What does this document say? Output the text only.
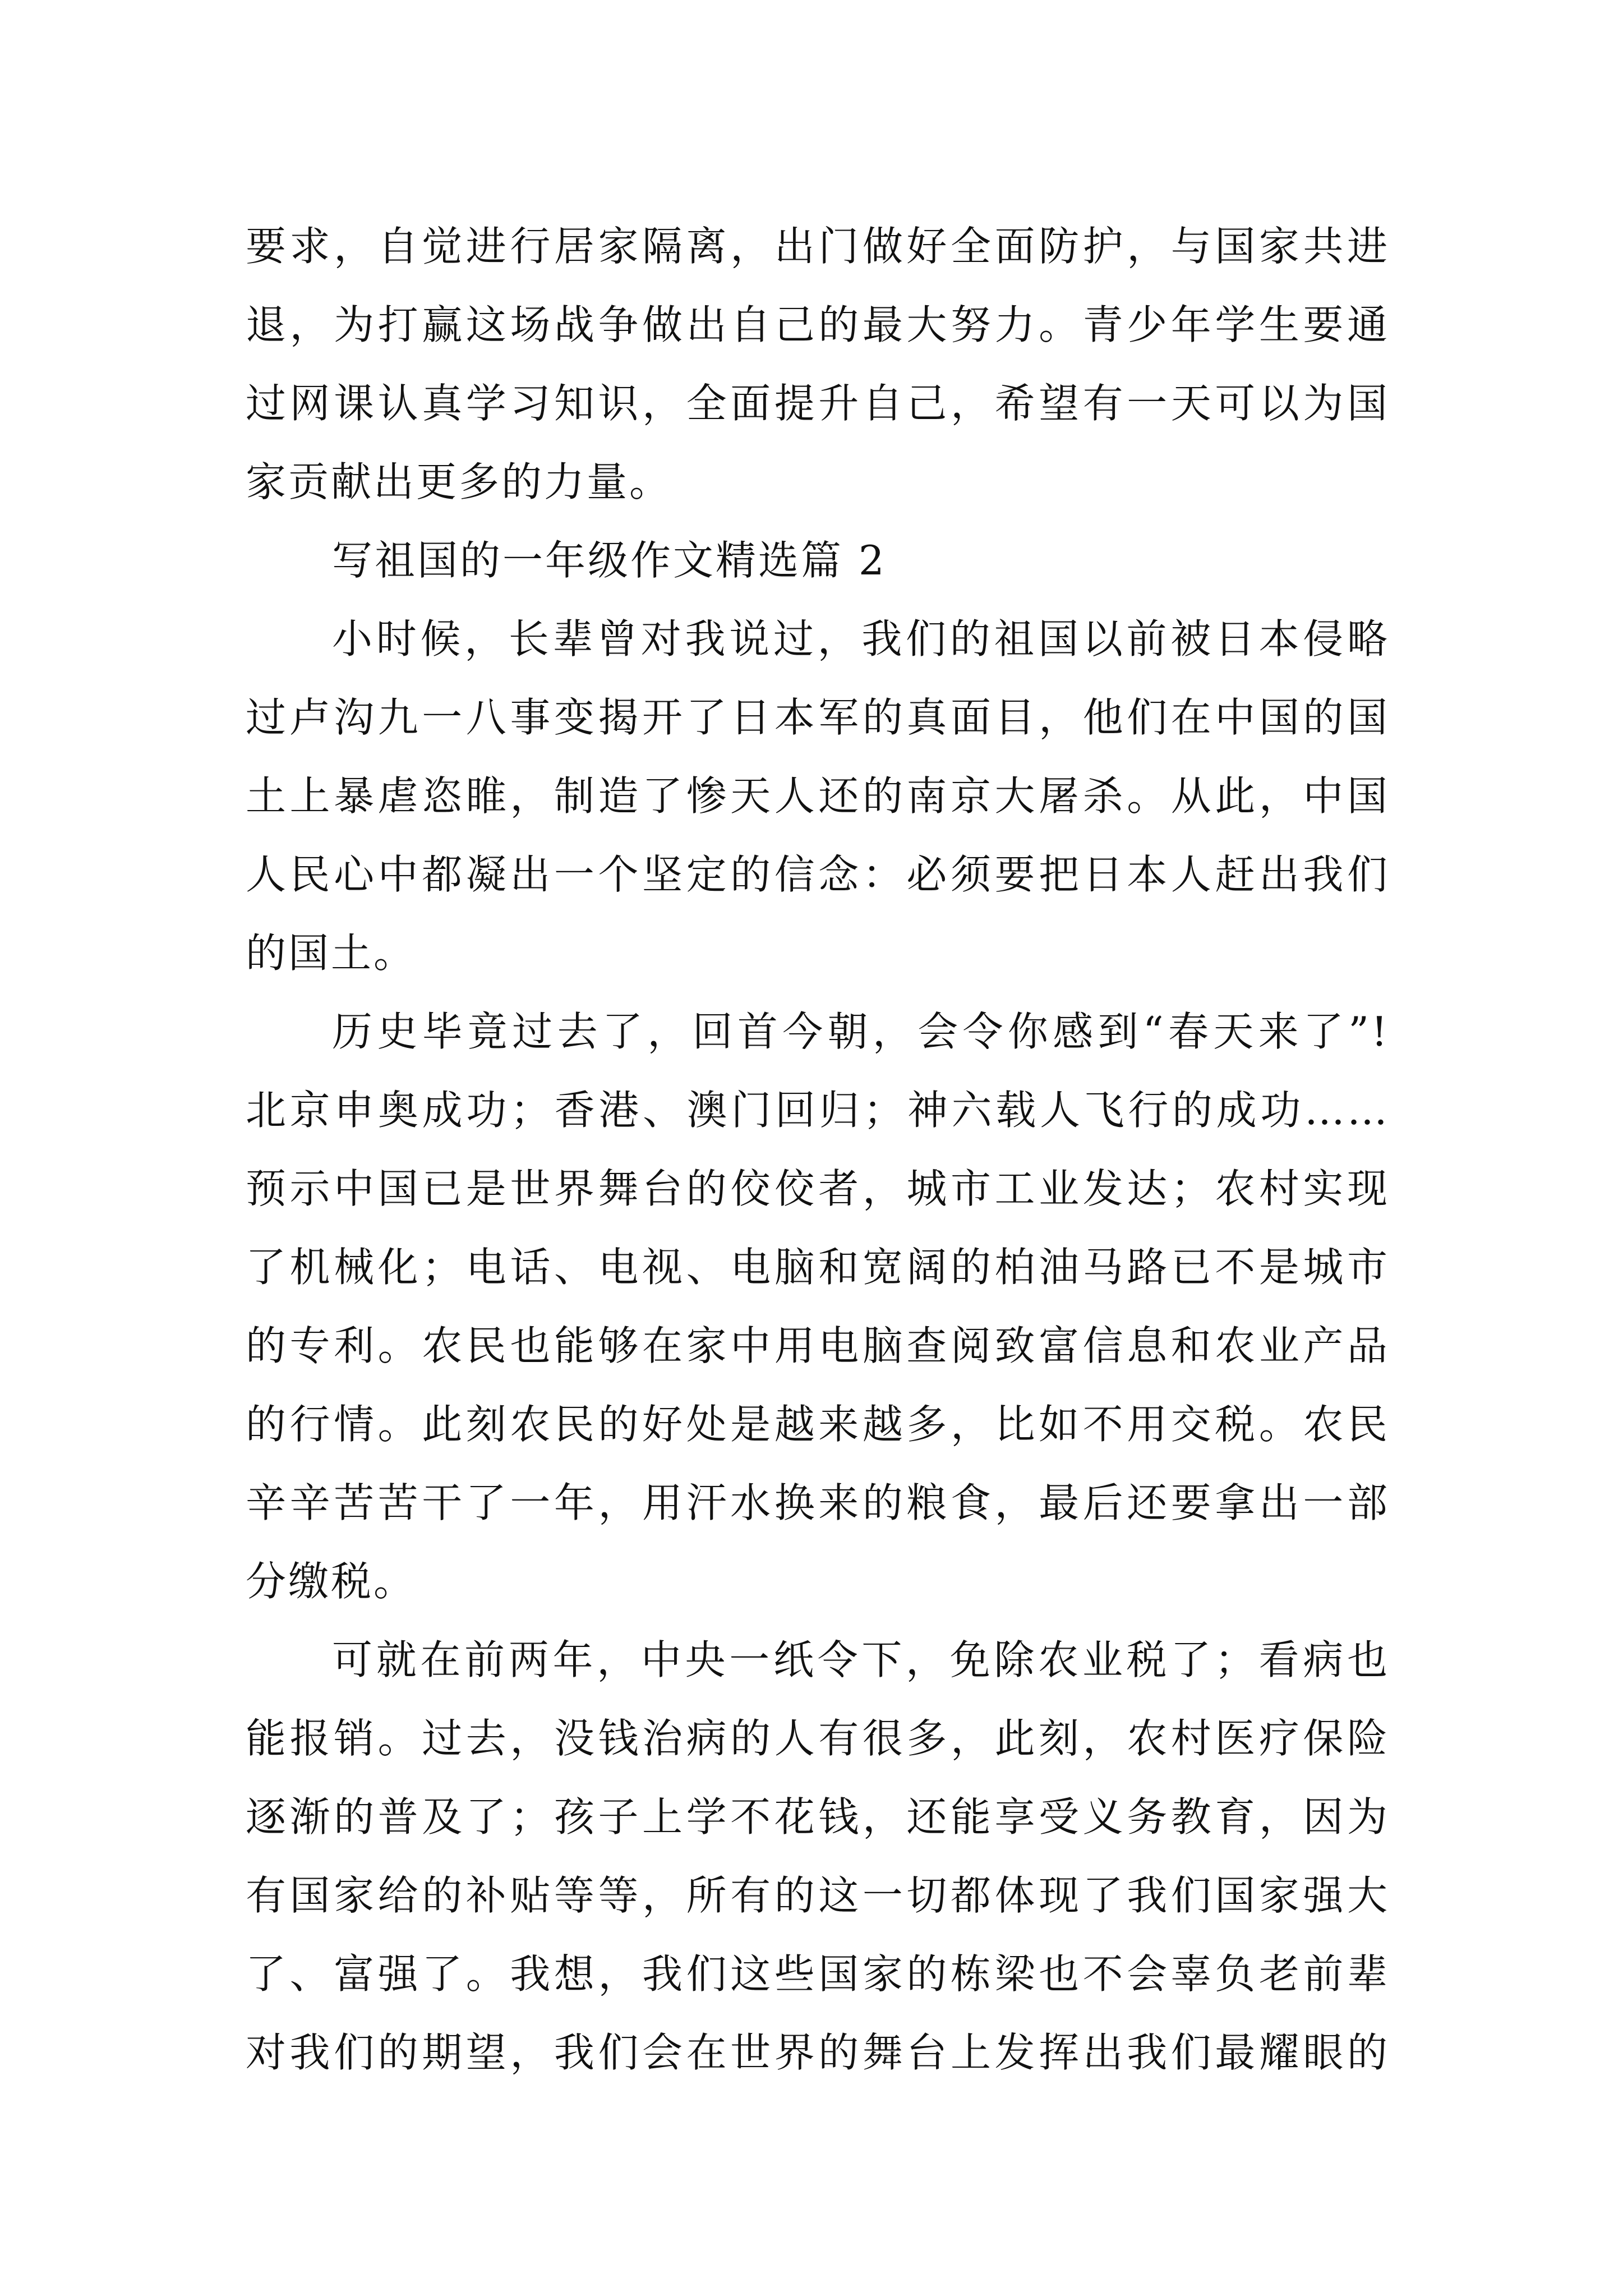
要求，自觉进行居家隔离，出门做好全面防护，与国家共进
退，为打赢这场战争做出自己的最大努力。青少年学生要通
过网课认真学习知识，全面提升自己，希望有一天可以为国
家贡献出更多的力量。
写祖国的一年级作文精选篇 2
小时候，长辈曾对我说过，我们的祖国以前被日本侵略
过卢沟九一八事变揭开了日本军的真面目，他们在中国的国
土上暴虐恣睢，制造了惨天人还的南京大屠杀。从此，中国
人民心中都凝出一个坚定的信念：必须要把日本人赶出我们
的国土。
历史毕竟过去了，回首今朝，会令你感到“春天来了”!
北京申奥成功；香港、澳门回归；神六载人飞行的成功……
预示中国已是世界舞台的佼佼者，城市工业发达；农村实现
了机械化；电话、电视、电脑和宽阔的柏油马路已不是城市
的专利。农民也能够在家中用电脑查阅致富信息和农业产品
的行情。此刻农民的好处是越来越多，比如不用交税。农民
辛辛苦苦干了一年，用汗水换来的粮食，最后还要拿出一部
分缴税。
可就在前两年，中央一纸令下，免除农业税了；看病也
能报销。过去，没钱治病的人有很多，此刻，农村医疗保险
逐渐的普及了；孩子上学不花钱，还能享受义务教育，因为
有国家给的补贴等等，所有的这一切都体现了我们国家强大
了、富强了。我想，我们这些国家的栋梁也不会辜负老前辈
对我们的期望，我们会在世界的舞台上发挥出我们最耀眼的
